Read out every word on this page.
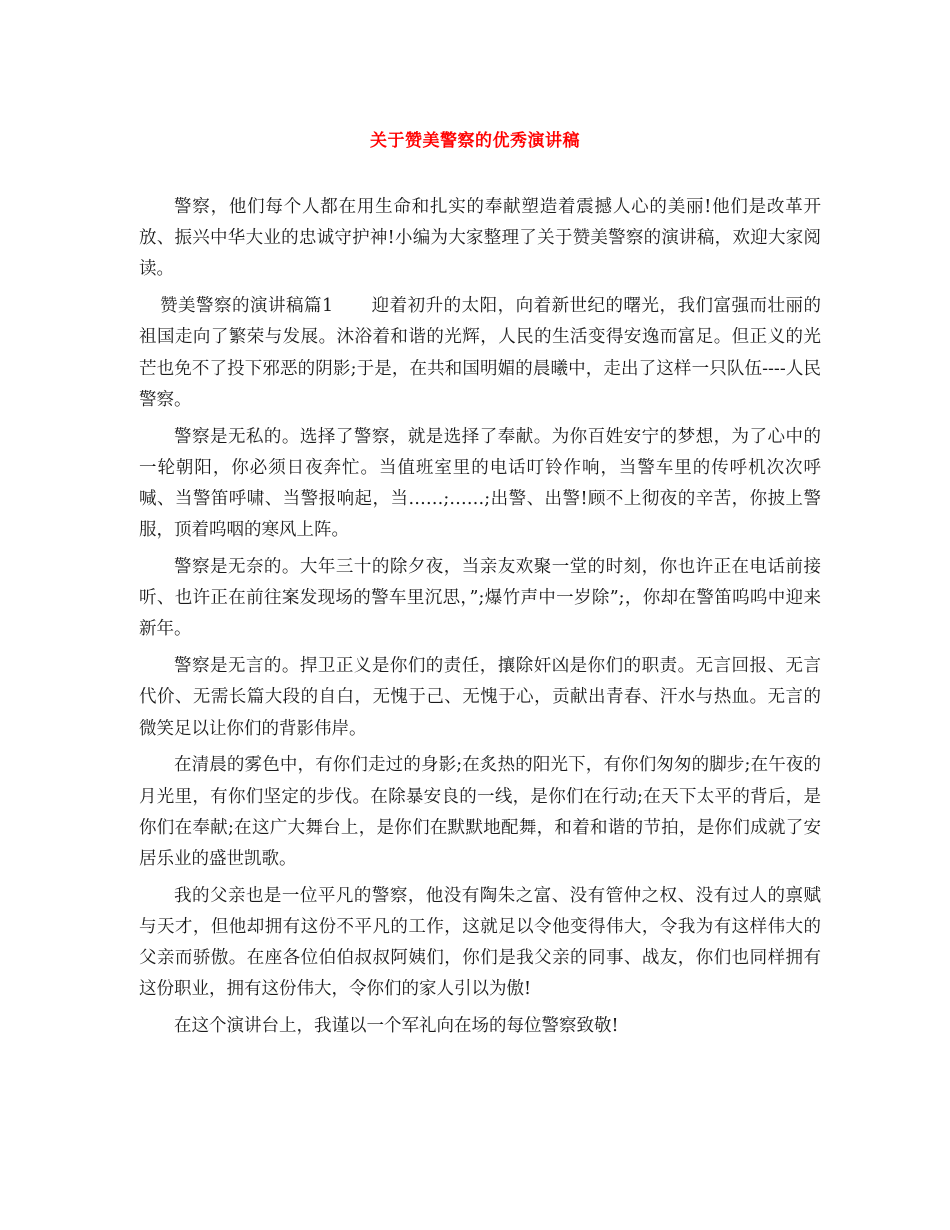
关于赞美警察的优秀演讲稿

警察，他们每个人都在用生命和扎实的奉献塑造着震撼人心的美丽!他们是改革开放、振兴中华大业的忠诚守护神!小编为大家整理了关于赞美警察的演讲稿，欢迎大家阅读。

赞美警察的演讲稿篇1 迎着初升的太阳，向着新世纪的曙光，我们富强而壮丽的祖国走向了繁荣与发展。沐浴着和谐的光辉，人民的生活变得安逸而富足。但正义的光芒也免不了投下邪恶的阴影;于是，在共和国明媚的晨曦中，走出了这样一只队伍----人民警察。

警察是无私的。选择了警察，就是选择了奉献。为你百姓安宁的梦想，为了心中的一轮朝阳，你必须日夜奔忙。当值班室里的电话叮铃作响，当警车里的传呼机次次呼喊、当警笛呼啸、当警报响起，当……;……;出警、出警!顾不上彻夜的辛苦，你披上警服，顶着呜咽的寒风上阵。

警察是无奈的。大年三十的除夕夜，当亲友欢聚一堂的时刻，你也许正在电话前接听、也许正在前往案发现场的警车里沉思，”;爆竹声中一岁除”;，你却在警笛呜呜中迎来新年。

警察是无言的。捍卫正义是你们的责任，攘除奸凶是你们的职责。无言回报、无言代价、无需长篇大段的自白，无愧于己、无愧于心，贡献出青春、汗水与热血。无言的微笑足以让你们的背影伟岸。

在清晨的雾色中，有你们走过的身影;在炙热的阳光下，有你们匆匆的脚步;在午夜的月光里，有你们坚定的步伐。在除暴安良的一线，是你们在行动;在天下太平的背后，是你们在奉献;在这广大舞台上，是你们在默默地配舞，和着和谐的节拍，是你们成就了安居乐业的盛世凯歌。

我的父亲也是一位平凡的警察，他没有陶朱之富、没有管仲之权、没有过人的禀赋与天才，但他却拥有这份不平凡的工作，这就足以令他变得伟大，令我为有这样伟大的父亲而骄傲。在座各位伯伯叔叔阿姨们，你们是我父亲的同事、战友，你们也同样拥有这份职业，拥有这份伟大，令你们的家人引以为傲!

在这个演讲台上，我谨以一个军礼向在场的每位警察致敬!
